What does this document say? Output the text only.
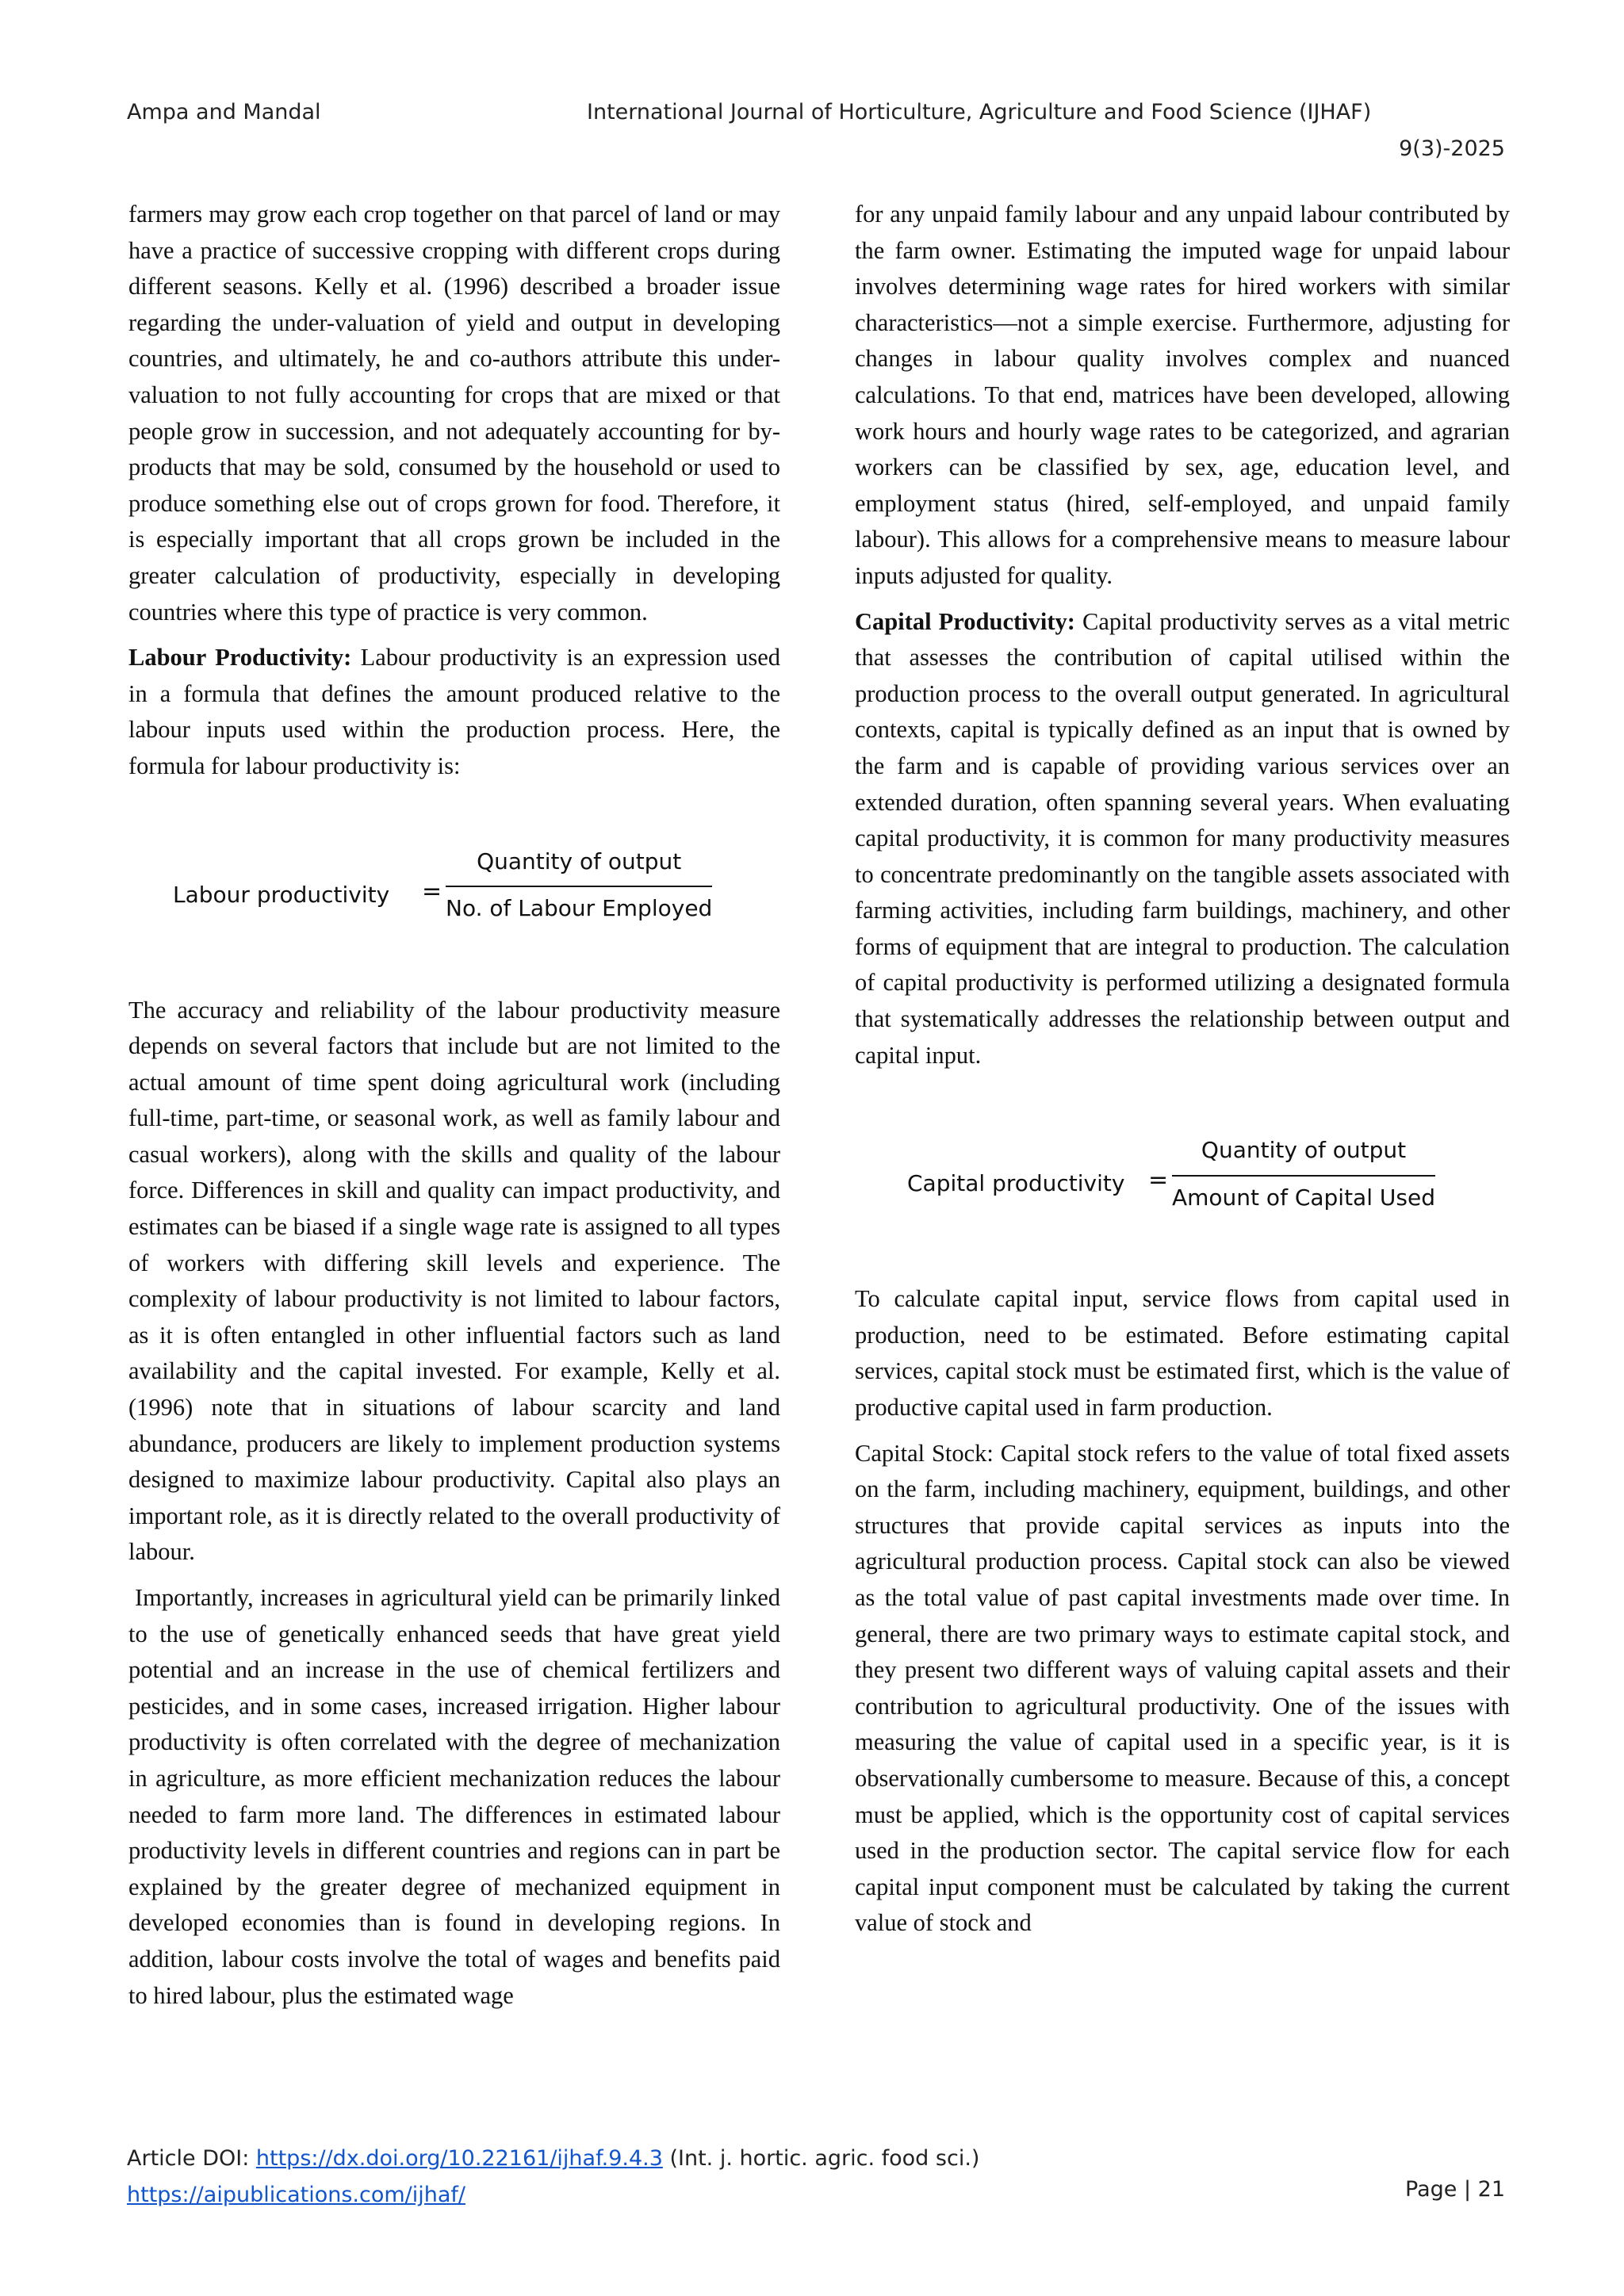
Ampa and Mandal	International Journal of Horticulture, Agriculture and Food Science (IJHAF)
9(3)-2025

farmers may grow each crop together on that parcel of land or may have a practice of successive cropping with different crops during different seasons. Kelly et al. (1996) described a broader issue regarding the under-valuation of yield and output in developing countries, and ultimately, he and co-authors attribute this under-valuation to not fully accounting for crops that are mixed or that people grow in succession, and not adequately accounting for by-products that may be sold, consumed by the household or used to produce something else out of crops grown for food. Therefore, it is especially important that all crops grown be included in the greater calculation of productivity, especially in developing countries where this type of practice is very common.

Labour Productivity: Labour productivity is an expression used in a formula that defines the amount produced relative to the labour inputs used within the production process. Here, the formula for labour productivity is:

Labour productivity =
Quantity of output
No. of Labour Employed

The accuracy and reliability of the labour productivity measure depends on several factors that include but are not limited to the actual amount of time spent doing agricultural work (including full-time, part-time, or seasonal work, as well as family labour and casual workers), along with the skills and quality of the labour force. Differences in skill and quality can impact productivity, and estimates can be biased if a single wage rate is assigned to all types of workers with differing skill levels and experience. The complexity of labour productivity is not limited to labour factors, as it is often entangled in other influential factors such as land availability and the capital invested. For example, Kelly et al. (1996) note that in situations of labour scarcity and land abundance, producers are likely to implement production systems designed to maximize labour productivity. Capital also plays an important role, as it is directly related to the overall productivity of labour.

Importantly, increases in agricultural yield can be primarily linked to the use of genetically enhanced seeds that have great yield potential and an increase in the use of chemical fertilizers and pesticides, and in some cases, increased irrigation. Higher labour productivity is often correlated with the degree of mechanization in agriculture, as more efficient mechanization reduces the labour needed to farm more land. The differences in estimated labour productivity levels in different countries and regions can in part be explained by the greater degree of mechanized equipment in developed economies than is found in developing regions. In addition, labour costs involve the total of wages and benefits paid to hired labour, plus the estimated wage

for any unpaid family labour and any unpaid labour contributed by the farm owner. Estimating the imputed wage for unpaid labour involves determining wage rates for hired workers with similar characteristics—not a simple exercise. Furthermore, adjusting for changes in labour quality involves complex and nuanced calculations. To that end, matrices have been developed, allowing work hours and hourly wage rates to be categorized, and agrarian workers can be classified by sex, age, education level, and employment status (hired, self-employed, and unpaid family labour). This allows for a comprehensive means to measure labour inputs adjusted for quality.

Capital Productivity: Capital productivity serves as a vital metric that assesses the contribution of capital utilised within the production process to the overall output generated. In agricultural contexts, capital is typically defined as an input that is owned by the farm and is capable of providing various services over an extended duration, often spanning several years. When evaluating capital productivity, it is common for many productivity measures to concentrate predominantly on the tangible assets associated with farming activities, including farm buildings, machinery, and other forms of equipment that are integral to production. The calculation of capital productivity is performed utilizing a designated formula that systematically addresses the relationship between output and capital input.

Capital productivity =
Quantity of output
Amount of Capital Used

To calculate capital input, service flows from capital used in production, need to be estimated. Before estimating capital services, capital stock must be estimated first, which is the value of productive capital used in farm production.

Capital Stock: Capital stock refers to the value of total fixed assets on the farm, including machinery, equipment, buildings, and other structures that provide capital services as inputs into the agricultural production process. Capital stock can also be viewed as the total value of past capital investments made over time. In general, there are two primary ways to estimate capital stock, and they present two different ways of valuing capital assets and their contribution to agricultural productivity. One of the issues with measuring the value of capital used in a specific year, is it is observationally cumbersome to measure. Because of this, a concept must be applied, which is the opportunity cost of capital services used in the production sector. The capital service flow for each capital input component must be calculated by taking the current value of stock and

Article DOI: https://dx.doi.org/10.22161/ijhaf.9.4.3 (Int. j. hortic. agric. food sci.)
https://aipublications.com/ijhaf/	Page | 21
